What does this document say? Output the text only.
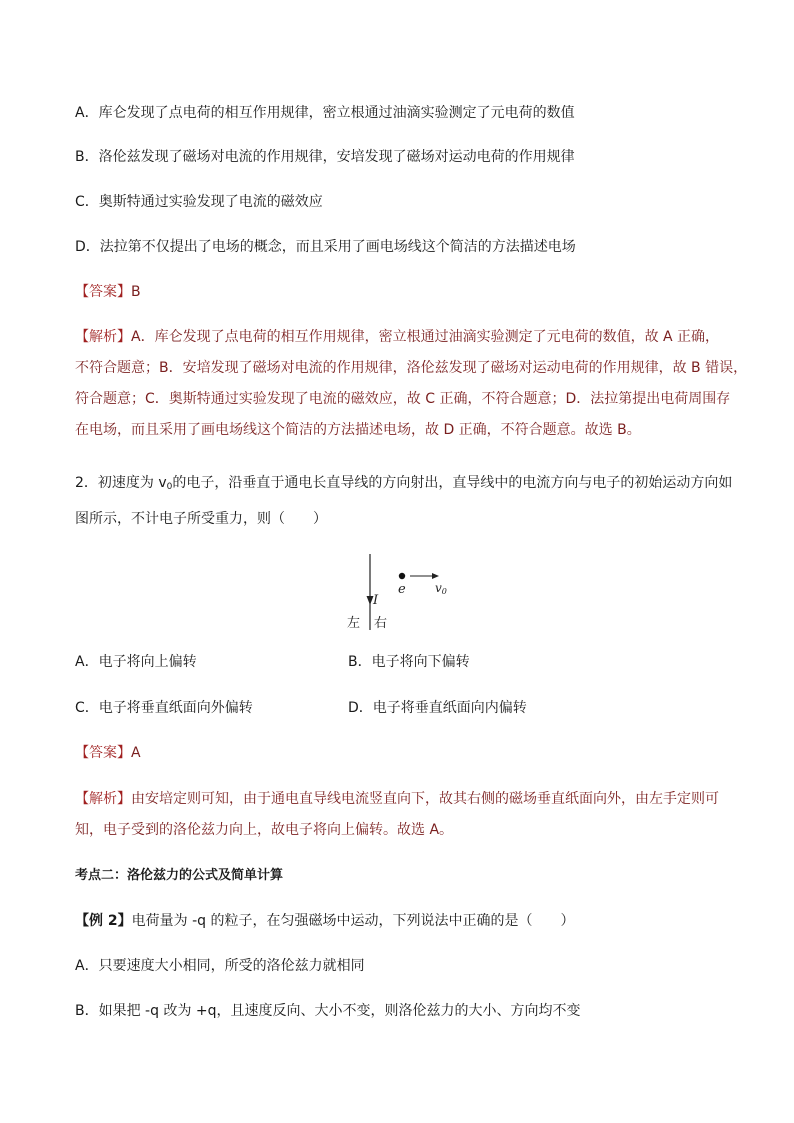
A．库仑发现了点电荷的相互作用规律，密立根通过油滴实验测定了元电荷的数值
B．洛伦兹发现了磁场对电流的作用规律，安培发现了磁场对运动电荷的作用规律
C．奥斯特通过实验发现了电流的磁效应
D．法拉第不仅提出了电场的概念，而且采用了画电场线这个简洁的方法描述电场
【答案】B
【解析】A．库仑发现了点电荷的相互作用规律，密立根通过油滴实验测定了元电荷的数值，故 A 正确，
不符合题意；B．安培发现了磁场对电流的作用规律，洛伦兹发现了磁场对运动电荷的作用规律，故 B 错误，
符合题意；C．奥斯特通过实验发现了电流的磁效应，故 C 正确，不符合题意；D．法拉第提出电荷周围存
在电场，而且采用了画电场线这个简洁的方法描述电场，故 D 正确，不符合题意。故选 B。
2．初速度为 v0的电子，沿垂直于通电长直导线的方向射出，直导线中的电流方向与电子的初始运动方向如
图所示，不计电子所受重力，则（　　）
I
e v0
左 右
A．电子将向上偏转	B．电子将向下偏转
C．电子将垂直纸面向外偏转	D．电子将垂直纸面向内偏转
【答案】A
【解析】由安培定则可知，由于通电直导线电流竖直向下，故其右侧的磁场垂直纸面向外，由左手定则可
知，电子受到的洛伦兹力向上，故电子将向上偏转。故选 A。
考点二：洛伦兹力的公式及简单计算
【例 2】电荷量为 -q 的粒子，在匀强磁场中运动，下列说法中正确的是（　　）
A．只要速度大小相同，所受的洛伦兹力就相同
B．如果把 -q 改为 +q，且速度反向、大小不变，则洛伦兹力的大小、方向均不变
